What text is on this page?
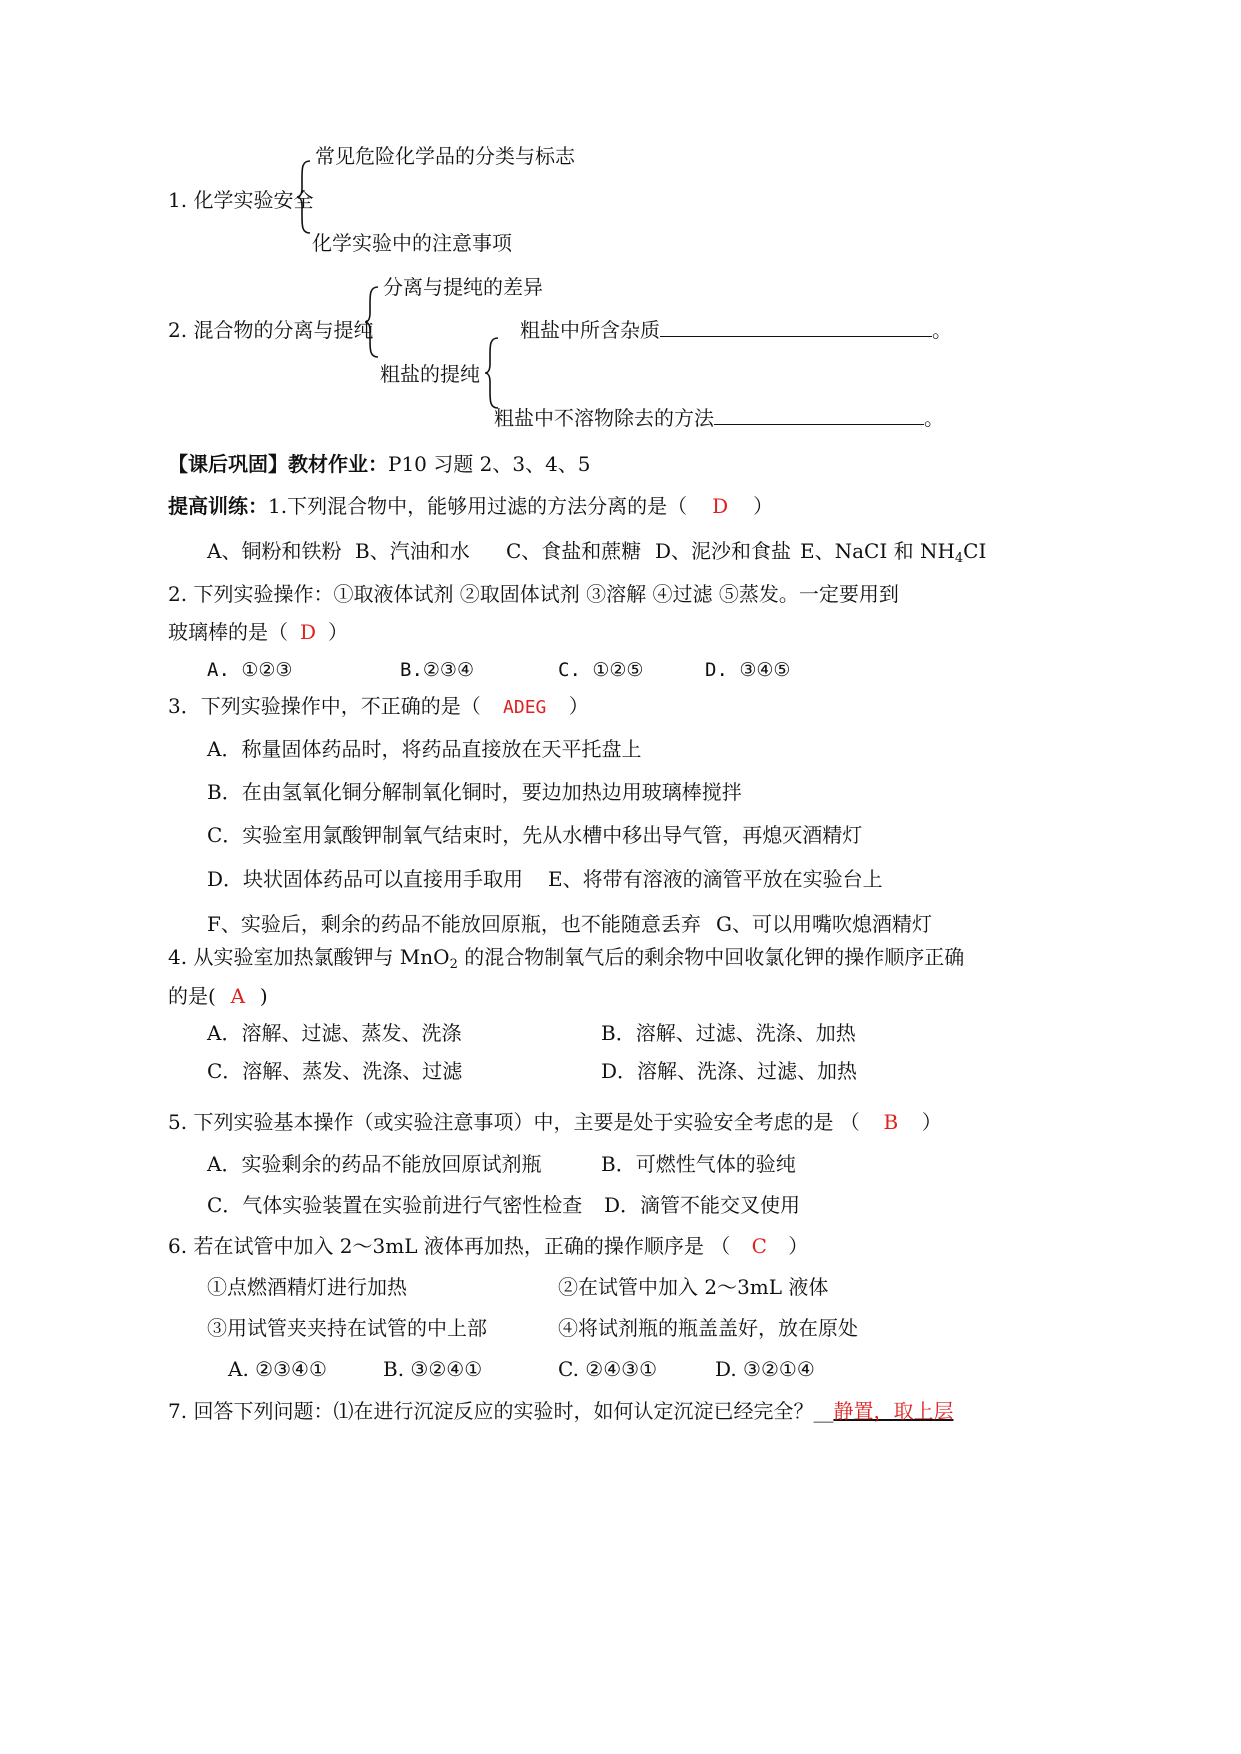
常见危险化学品的分类与标志
1. 化学实验安全
化学实验中的注意事项
分离与提纯的差异
2. 混合物的分离与提纯	粗盐中所含杂质	。
粗盐的提纯
粗盐中不溶物除去的方法	。
【课后巩固】教材作业：P10 习题 2、3、4、5
提高训练：1.下列混合物中，能够用过滤的方法分离的是（ D ）
A、铜粉和铁粉 B、汽油和水 C、食盐和蔗糖 D、泥沙和食盐 E、NaCI 和 $NH_4CI$
2. 下列实验操作：①取液体试剂 ②取固体试剂 ③溶解 ④过滤 ⑤蒸发。一定要用到
玻璃棒的是（ D ）
A. ①②③	B.②③④	C. ①②⑤	D. ③④⑤
3．下列实验操作中，不正确的是（ ADEG ）
A．称量固体药品时，将药品直接放在天平托盘上
B．在由氢氧化铜分解制氧化铜时，要边加热边用玻璃棒搅拌
C．实验室用氯酸钾制氧气结束时，先从水槽中移出导气管，再熄灭酒精灯
D．块状固体药品可以直接用手取用 E、将带有溶液的滴管平放在实验台上
F、实验后，剩余的药品不能放回原瓶，也不能随意丢弃 G、可以用嘴吹熄酒精灯
4. 从实验室加热氯酸钾与 MnO$_2$ 的混合物制氧气后的剩余物中回收氯化钾的操作顺序正确
的是( A )
A．溶解、过滤、蒸发、洗涤	B．溶解、过滤、洗涤、加热
C．溶解、蒸发、洗涤、过滤	D．溶解、洗涤、过滤、加热
5. 下列实验基本操作（或实验注意事项）中，主要是处于实验安全考虑的是 （ B ）
A．实验剩余的药品不能放回原试剂瓶	B．可燃性气体的验纯
C．气体实验装置在实验前进行气密性检查 D．滴管不能交叉使用
6. 若在试管中加入 2～3mL 液体再加热，正确的操作顺序是 （ C ）
①点燃酒精灯进行加热	②在试管中加入 2～3mL 液体
③用试管夹夹持在试管的中上部	④将试剂瓶的瓶盖盖好，放在原处
A. ②③④①	B. ③②④①	C. ②④③①	D. ③②①④
7. 回答下列问题：⑴在进行沉淀反应的实验时，如何认定沉淀已经完全？__静置，取上层
